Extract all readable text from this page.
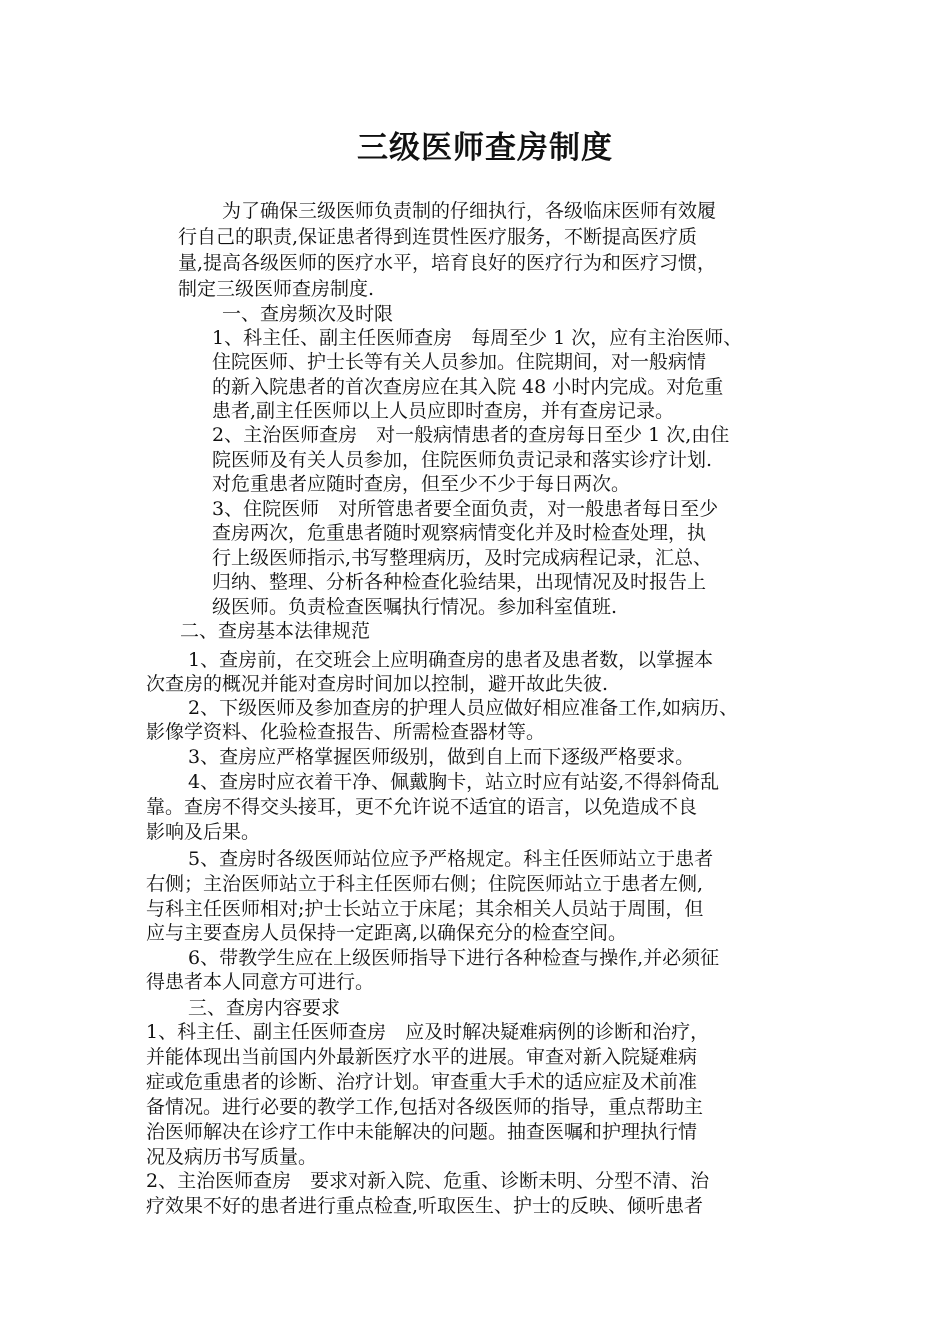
三级医师查房制度
为了确保三级医师负责制的仔细执行，各级临床医师有效履
行自己的职责,保证患者得到连贯性医疗服务，不断提高医疗质
量,提高各级医师的医疗水平，培育良好的医疗行为和医疗习惯，
制定三级医师查房制度.
一、查房频次及时限
1、科主任、副主任医师查房　每周至少 1 次，应有主治医师、
住院医师、护士长等有关人员参加。住院期间，对一般病情
的新入院患者的首次查房应在其入院 48 小时内完成。对危重
患者,副主任医师以上人员应即时查房，并有查房记录。
2、主治医师查房　对一般病情患者的查房每日至少 1 次,由住
院医师及有关人员参加，住院医师负责记录和落实诊疗计划.
对危重患者应随时查房，但至少不少于每日两次。
3、住院医师　对所管患者要全面负责，对一般患者每日至少
查房两次，危重患者随时观察病情变化并及时检查处理，执
行上级医师指示,书写整理病历，及时完成病程记录，汇总、
归纳、整理、分析各种检查化验结果，出现情况及时报告上
级医师。负责检查医嘱执行情况。参加科室值班.
二、查房基本法律规范
1、查房前，在交班会上应明确查房的患者及患者数，以掌握本
次查房的概况并能对查房时间加以控制，避开故此失彼.
2、下级医师及参加查房的护理人员应做好相应准备工作,如病历、
影像学资料、化验检查报告、所需检查器材等。
3、查房应严格掌握医师级别，做到自上而下逐级严格要求。
4、查房时应衣着干净、佩戴胸卡，站立时应有站姿,不得斜倚乱
靠。查房不得交头接耳，更不允许说不适宜的语言，以免造成不良
影响及后果。
5、查房时各级医师站位应予严格规定。科主任医师站立于患者
右侧；主治医师站立于科主任医师右侧；住院医师站立于患者左侧,
与科主任医师相对;护士长站立于床尾；其余相关人员站于周围，但
应与主要查房人员保持一定距离,以确保充分的检查空间。
6、带教学生应在上级医师指导下进行各种检查与操作,并必须征
得患者本人同意方可进行。
三、查房内容要求
1、科主任、副主任医师查房　应及时解决疑难病例的诊断和治疗，
并能体现出当前国内外最新医疗水平的进展。审查对新入院疑难病
症或危重患者的诊断、治疗计划。审查重大手术的适应症及术前准
备情况。进行必要的教学工作,包括对各级医师的指导，重点帮助主
治医师解决在诊疗工作中未能解决的问题。抽查医嘱和护理执行情
况及病历书写质量。
2、主治医师查房　要求对新入院、危重、诊断未明、分型不清、治
疗效果不好的患者进行重点检查,听取医生、护士的反映、倾听患者
